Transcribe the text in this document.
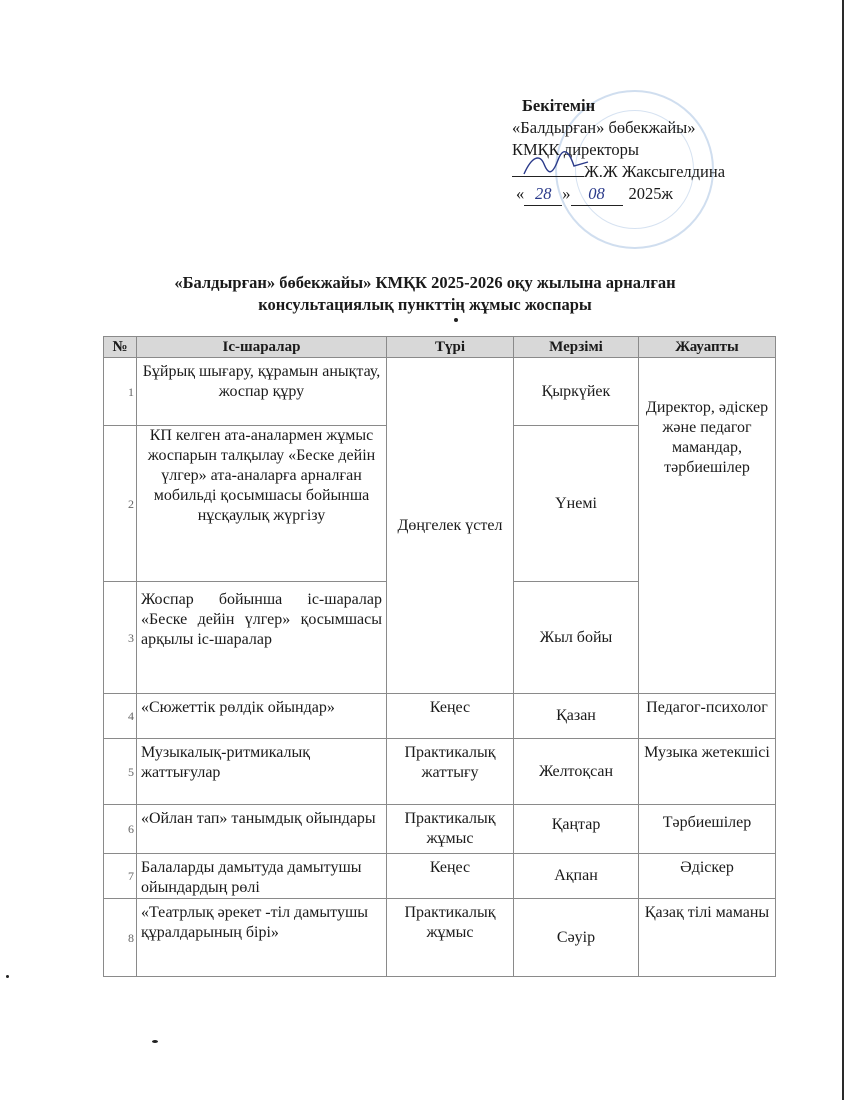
Бекітемін
«Балдырған» бөбекжайы»
КМҚК директоры
Ж.Ж Жаксыгелдина
« 28 » 08 2025ж
«Балдырған» бөбекжайы» КМҚК 2025-2026 оқу жылына арналған
консультациялық пункттің жұмыс жоспары
№	Іс-шаралар	Түрі	Мерзімі	Жауапты
1	Бұйрық шығару, құрамын анықтау, жоспар құру	Дөңгелек үстел	Қыркүйек	Директор, әдіскер және педагог мамандар, тәрбиешілер
2	КП келген ата-аналармен жұмыс жоспарын талқылау «Беске дейін үлгер» ата-аналарға арналған мобильді қосымшасы бойынша нұсқаулық жүргізу		Үнемі	
3	Жоспар бойынша іс-шаралар «Беске дейін үлгер» қосымшасы арқылы іс-шаралар		Жыл бойы	
4	«Сюжеттік рөлдік ойындар»	Кеңес	Қазан	Педагог-психолог
5	Музыкалық-ритмикалық жаттығулар	Практикалық жаттығу	Желтоқсан	Музыка жетекшісі
6	«Ойлан тап» танымдық ойындары	Практикалық жұмыс	Қаңтар	Тәрбиешілер
7	Балаларды дамытуда дамытушы ойындардың рөлі	Кеңес	Ақпан	Әдіскер
8	«Театрлық әрекет -тіл дамытушы құралдарының бірі»	Практикалық жұмыс	Сәуір	Қазақ тілі маманы
